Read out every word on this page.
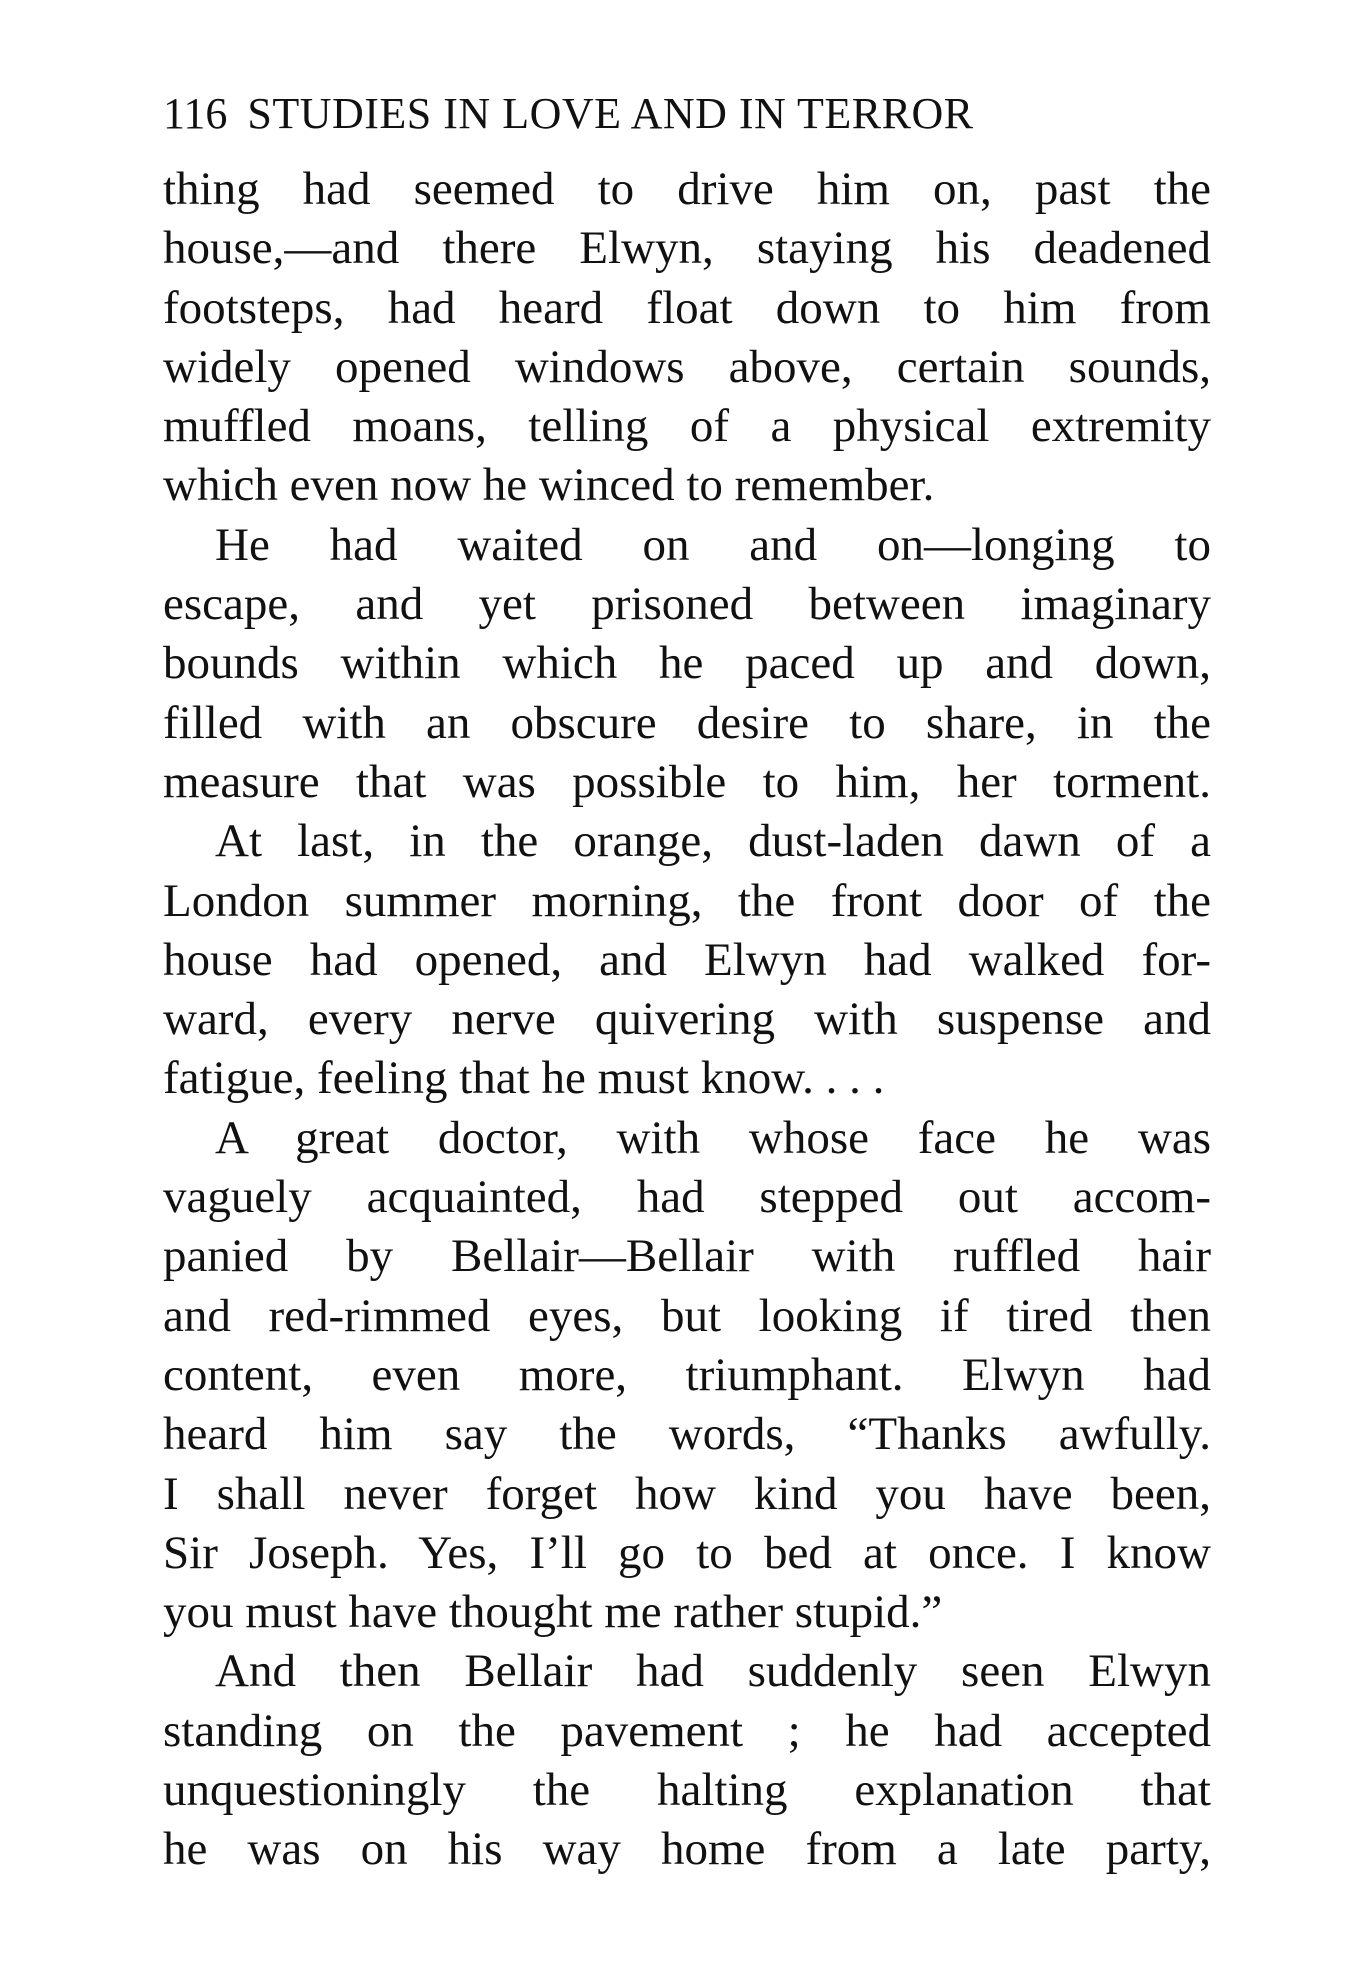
116 STUDIES IN LOVE AND IN TERROR
thing had seemed to drive him on, past the
house,—and there Elwyn, staying his deadened
footsteps, had heard float down to him from
widely opened windows above, certain sounds,
muffled moans, telling of a physical extremity
which even now he winced to remember.
He had waited on and on—longing to
escape, and yet prisoned between imaginary
bounds within which he paced up and down,
filled with an obscure desire to share, in the
measure that was possible to him, her torment.
At last, in the orange, dust-laden dawn of a
London summer morning, the front door of the
house had opened, and Elwyn had walked for-
ward, every nerve quivering with suspense and
fatigue, feeling that he must know. . . .
A great doctor, with whose face he was
vaguely acquainted, had stepped out accom-
panied by Bellair—Bellair with ruffled hair
and red-rimmed eyes, but looking if tired then
content, even more, triumphant. Elwyn had
heard him say the words, “Thanks awfully.
I shall never forget how kind you have been,
Sir Joseph. Yes, I’ll go to bed at once. I know
you must have thought me rather stupid.”
And then Bellair had suddenly seen Elwyn
standing on the pavement ; he had accepted
unquestioningly the halting explanation that
he was on his way home from a late party,
